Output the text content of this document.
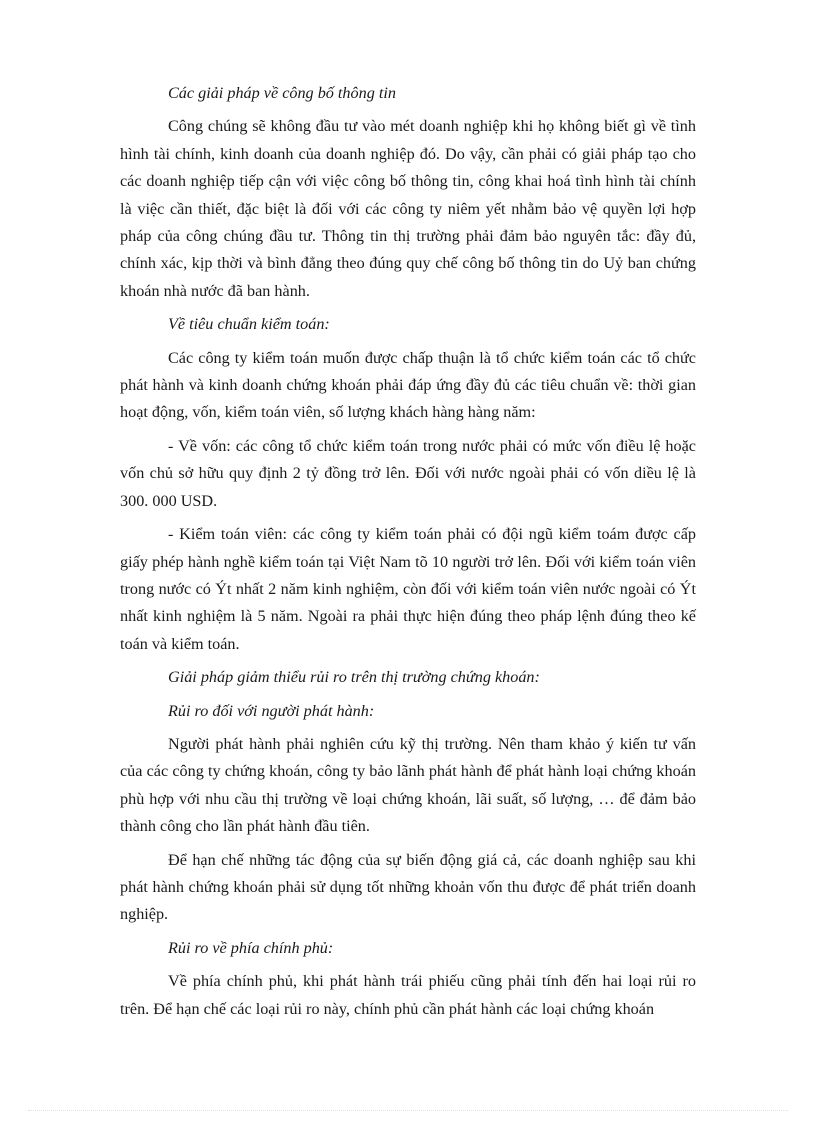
Các giải pháp về công bố thông tin

Công chúng sẽ không đầu tư vào mét doanh nghiệp khi họ không biết gì về tình hình tài chính, kinh doanh của doanh nghiệp đó. Do vậy, cần phải có giải pháp tạo cho các doanh nghiệp tiếp cận với việc công bố thông tin, công khai hoá tình hình tài chính là việc cần thiết, đặc biệt là đối với các công ty niêm yết nhằm bảo vệ quyền lợi hợp pháp của công chúng đầu tư. Thông tin thị trường phải đảm bảo nguyên tắc: đầy đủ, chính xác, kịp thời và bình đẳng theo đúng quy chế công bố thông tin do Uỷ ban chứng khoán nhà nước đã ban hành.

Về tiêu chuẩn kiểm toán:

Các công ty kiểm toán muốn được chấp thuận là tổ chức kiểm toán các tổ chức phát hành và kinh doanh chứng khoán phải đáp ứng đầy đủ các tiêu chuẩn về: thời gian hoạt động, vốn, kiểm toán viên, số lượng khách hàng hàng năm:

- Về vốn: các công tổ chức kiểm toán trong nước phải có mức vốn điều lệ hoặc vốn chủ sở hữu quy định 2 tỷ đồng trở lên. Đối với nước ngoài phải có vốn diều lệ là 300. 000 USD.

- Kiểm toán viên: các công ty kiểm toán phải có đội ngũ kiểm toám được cấp giấy phép hành nghề kiểm toán tại Việt Nam tõ 10 người trở lên. Đối với kiểm toán viên trong nước có Ýt nhất 2 năm kinh nghiệm, còn đối với kiểm toán viên nước ngoài có Ýt nhất kinh nghiệm là 5 năm. Ngoài ra phải thực hiện đúng theo pháp lệnh đúng theo kế toán và kiểm toán.

Giải pháp giảm thiểu rủi ro trên thị trường chứng khoán:

Rủi ro đối với người phát hành:

Người phát hành phải nghiên cứu kỹ thị trường. Nên tham khảo ý kiến tư vấn của các công ty chứng khoán, công ty bảo lãnh phát hành để phát hành loại chứng khoán phù hợp với nhu cầu thị trường về loại chứng khoán, lãi suất, số lượng, … để đảm bảo thành công cho lần phát hành đầu tiên.

Để hạn chế những tác động của sự biến động giá cả, các doanh nghiệp sau khi phát hành chứng khoán phải sử dụng tốt những khoản vốn thu được để phát triển doanh nghiệp.

Rủi ro về phía chính phủ:

Về phía chính phủ, khi phát hành trái phiếu cũng phải tính đến hai loại rủi ro trên. Để hạn chế các loại rủi ro này, chính phủ cần phát hành các loại chứng khoán
